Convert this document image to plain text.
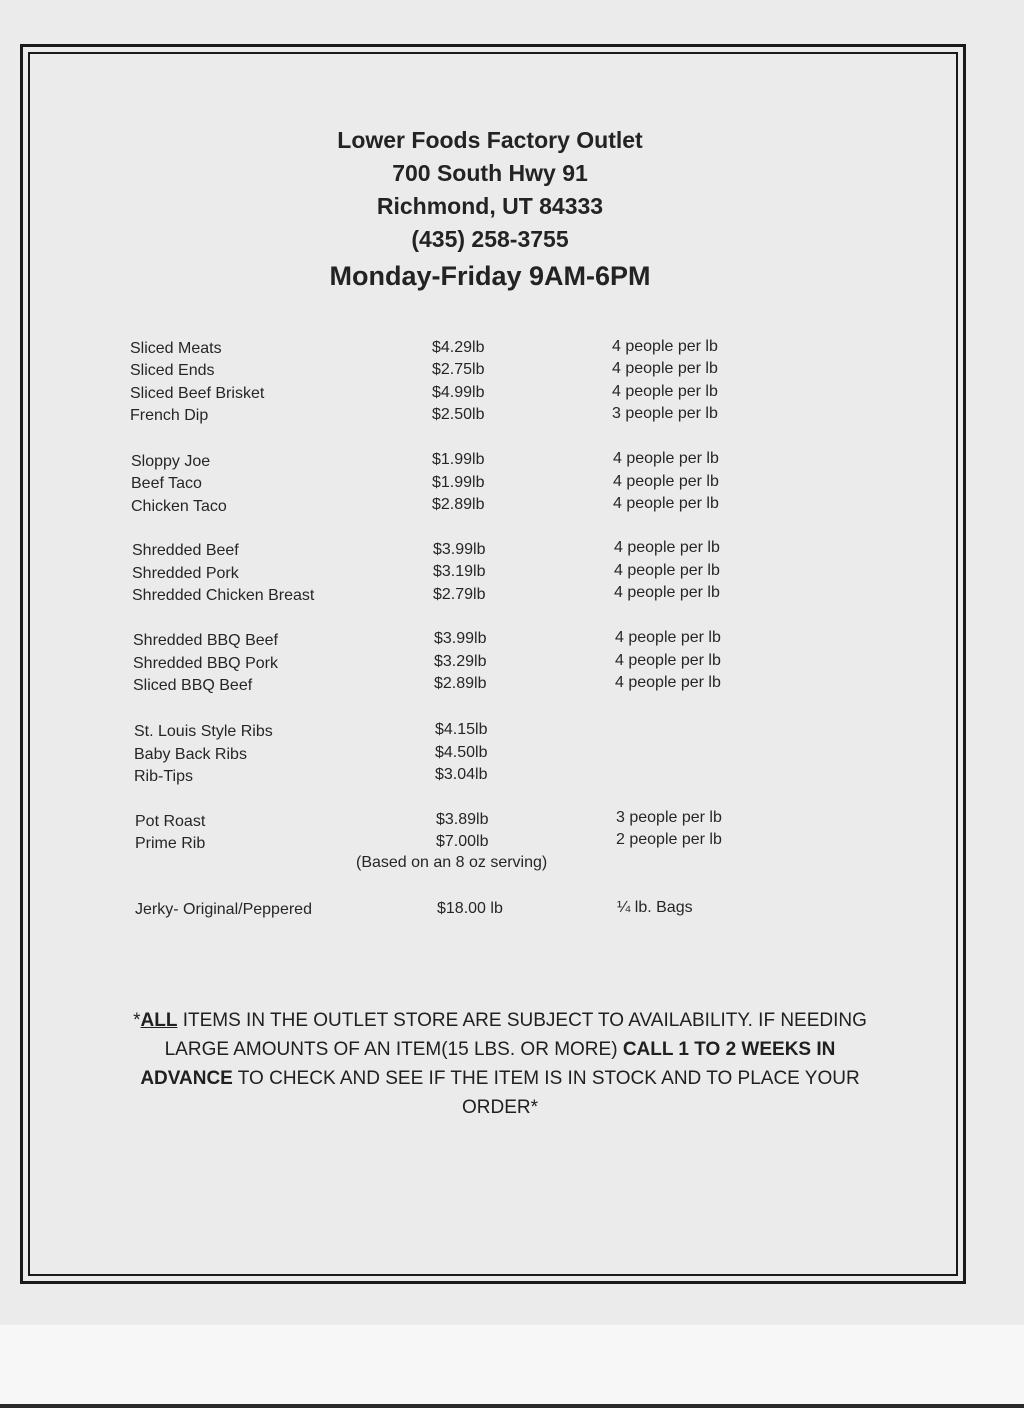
Lower Foods Factory Outlet
700 South Hwy 91
Richmond, UT 84333
(435) 258-3755
Monday-Friday 9AM-6PM
Sliced Meats	$4.29lb	4 people per lb
Sliced Ends	$2.75lb	4 people per lb
Sliced Beef Brisket	$4.99lb	4 people per lb
French Dip	$2.50lb	3 people per lb
Sloppy Joe	$1.99lb	4 people per lb
Beef Taco	$1.99lb	4 people per lb
Chicken Taco	$2.89lb	4 people per lb
Shredded Beef	$3.99lb	4 people per lb
Shredded Pork	$3.19lb	4 people per lb
Shredded Chicken Breast	$2.79lb	4 people per lb
Shredded BBQ Beef	$3.99lb	4 people per lb
Shredded BBQ Pork	$3.29lb	4 people per lb
Sliced BBQ Beef	$2.89lb	4 people per lb
St. Louis Style Ribs	$4.15lb
Baby Back Ribs	$4.50lb
Rib-Tips	$3.04lb
Pot Roast	$3.89lb	3 people per lb
Prime Rib	$7.00lb	2 people per lb
Jerky- Original/Peppered	$18.00 lb	¼ lb. Bags
(Based on an 8 oz serving)
*ALL ITEMS IN THE OUTLET STORE ARE SUBJECT TO AVAILABILITY. IF NEEDING LARGE AMOUNTS OF AN ITEM(15 LBS. OR MORE) CALL 1 TO 2 WEEKS IN ADVANCE TO CHECK AND SEE IF THE ITEM IS IN STOCK AND TO PLACE YOUR ORDER*
